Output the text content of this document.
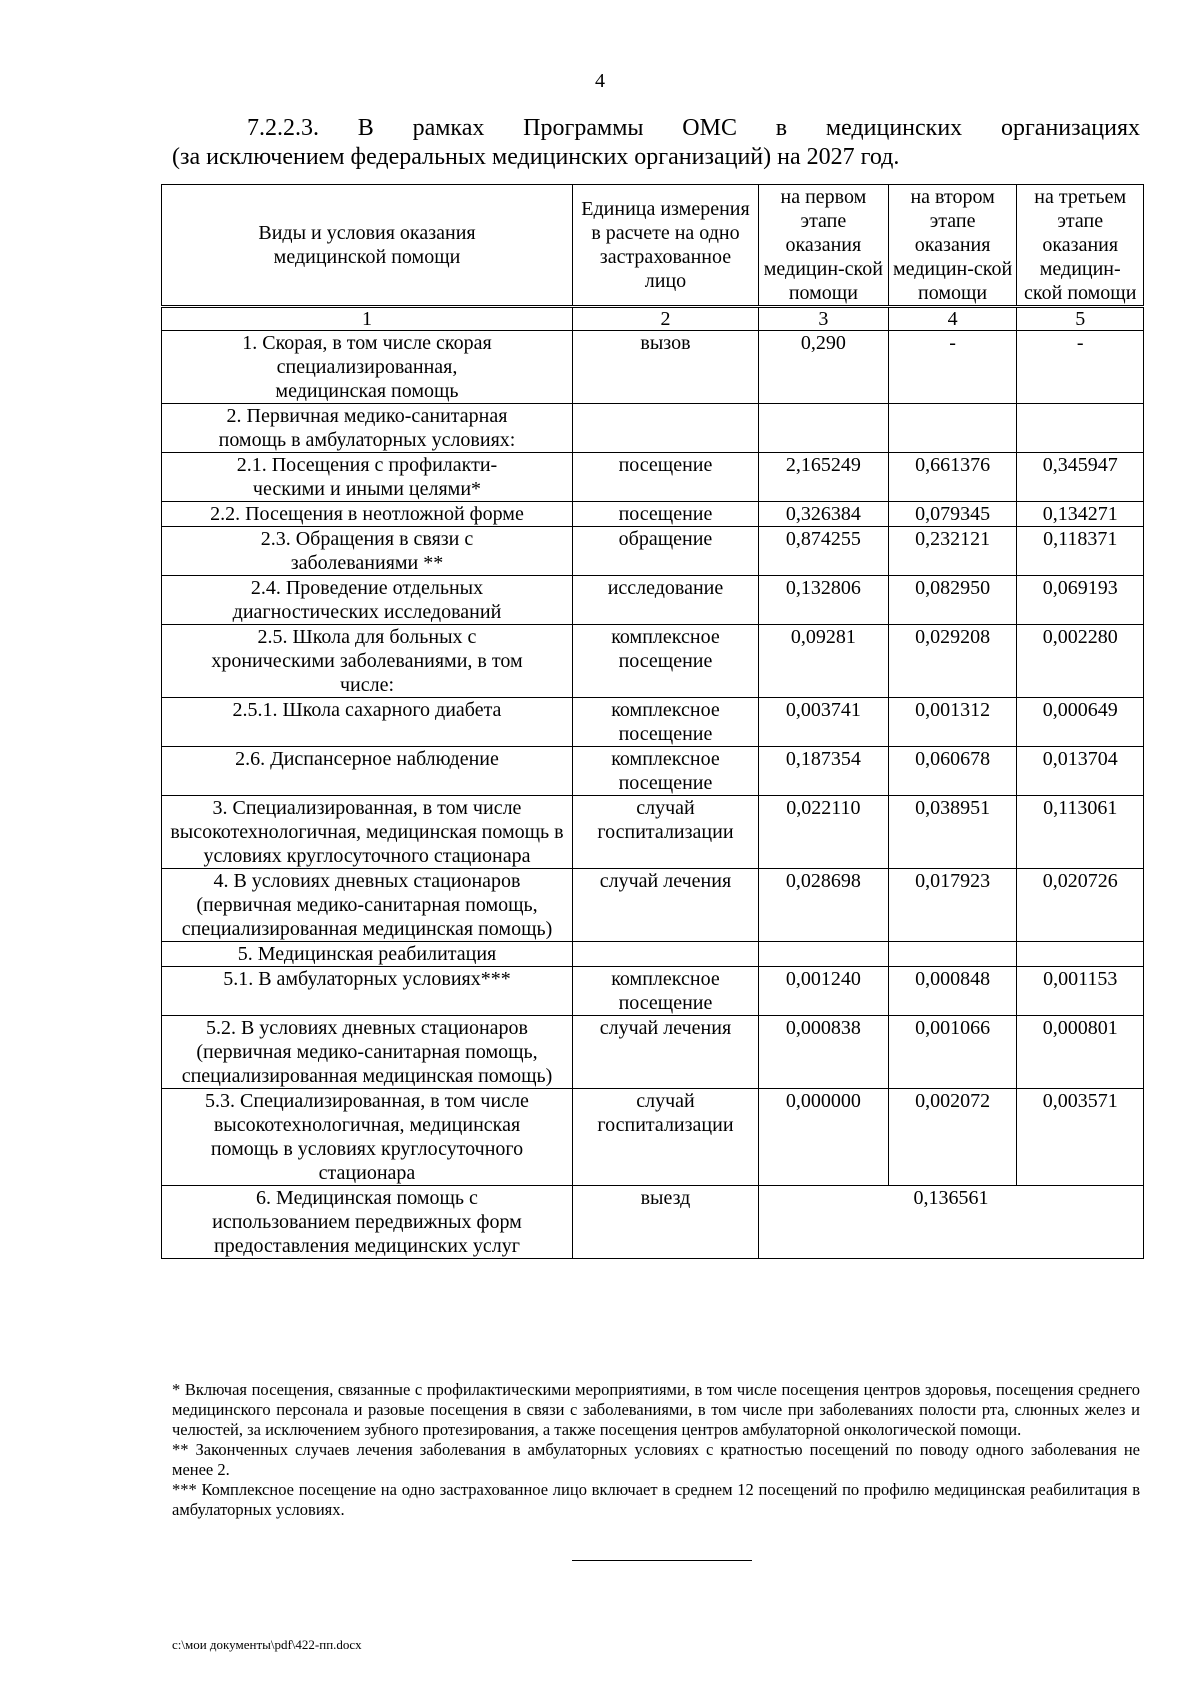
4
7.2.2.3. В рамках Программы ОМС в медицинских организациях
(за исключением федеральных медицинских организаций) на 2027 год.
Виды и условия оказания медицинской помощи	Единица измерения в расчете на одно застрахованное лицо	на первом этапе оказания медицин-ской помощи	на втором этапе оказания медицин-ской помощи	на третьем этапе оказания медицин-ской помощи
1	2	3	4	5
1. Скорая, в том числе скорая специализированная, медицинская помощь	вызов	0,290	-	-
2. Первичная медико-санитарная помощь в амбулаторных условиях:				
2.1. Посещения с профилакти-ческими и иными целями*	посещение	2,165249	0,661376	0,345947
2.2. Посещения в неотложной форме	посещение	0,326384	0,079345	0,134271
2.3. Обращения в связи с заболеваниями **	обращение	0,874255	0,232121	0,118371
2.4. Проведение отдельных диагностических исследований	исследование	0,132806	0,082950	0,069193
2.5. Школа для больных с хроническими заболеваниями, в том числе:	комплексное посещение	0,09281	0,029208	0,002280
2.5.1. Школа сахарного диабета	комплексное посещение	0,003741	0,001312	0,000649
2.6. Диспансерное наблюдение	комплексное посещение	0,187354	0,060678	0,013704
3. Специализированная, в том числе высокотехнологичная, медицинская помощь в условиях круглосуточного стационара	случай госпитализации	0,022110	0,038951	0,113061
4. В условиях дневных стационаров (первичная медико-санитарная помощь, специализированная медицинская помощь)	случай лечения	0,028698	0,017923	0,020726
5. Медицинская реабилитация				
5.1. В амбулаторных условиях***	комплексное посещение	0,001240	0,000848	0,001153
5.2. В условиях дневных стационаров (первичная медико-санитарная помощь, специализированная медицинская помощь)	случай лечения	0,000838	0,001066	0,000801
5.3. Специализированная, в том числе высокотехнологичная, медицинская помощь в условиях круглосуточного стационара	случай госпитализации	0,000000	0,002072	0,003571
6. Медицинская помощь с использованием передвижных форм предоставления медицинских услуг	выезд	0,136561		

* Включая посещения, связанные с профилактическими мероприятиями, в том числе посещения центров здоровья, посещения среднего медицинского персонала и разовые посещения в связи с заболеваниями, в том числе при заболеваниях полости рта, слюнных желез и челюстей, за исключением зубного протезирования, а также посещения центров амбулаторной онкологической помощи.

** Законченных случаев лечения заболевания в амбулаторных условиях с кратностью посещений по поводу одного заболевания не менее 2.

*** Комплексное посещение на одно застрахованное лицо включает в среднем 12 посещений по профилю медицинская реабилитация в амбулаторных условиях.

c:\мои документы\pdf\422-пп.docx
